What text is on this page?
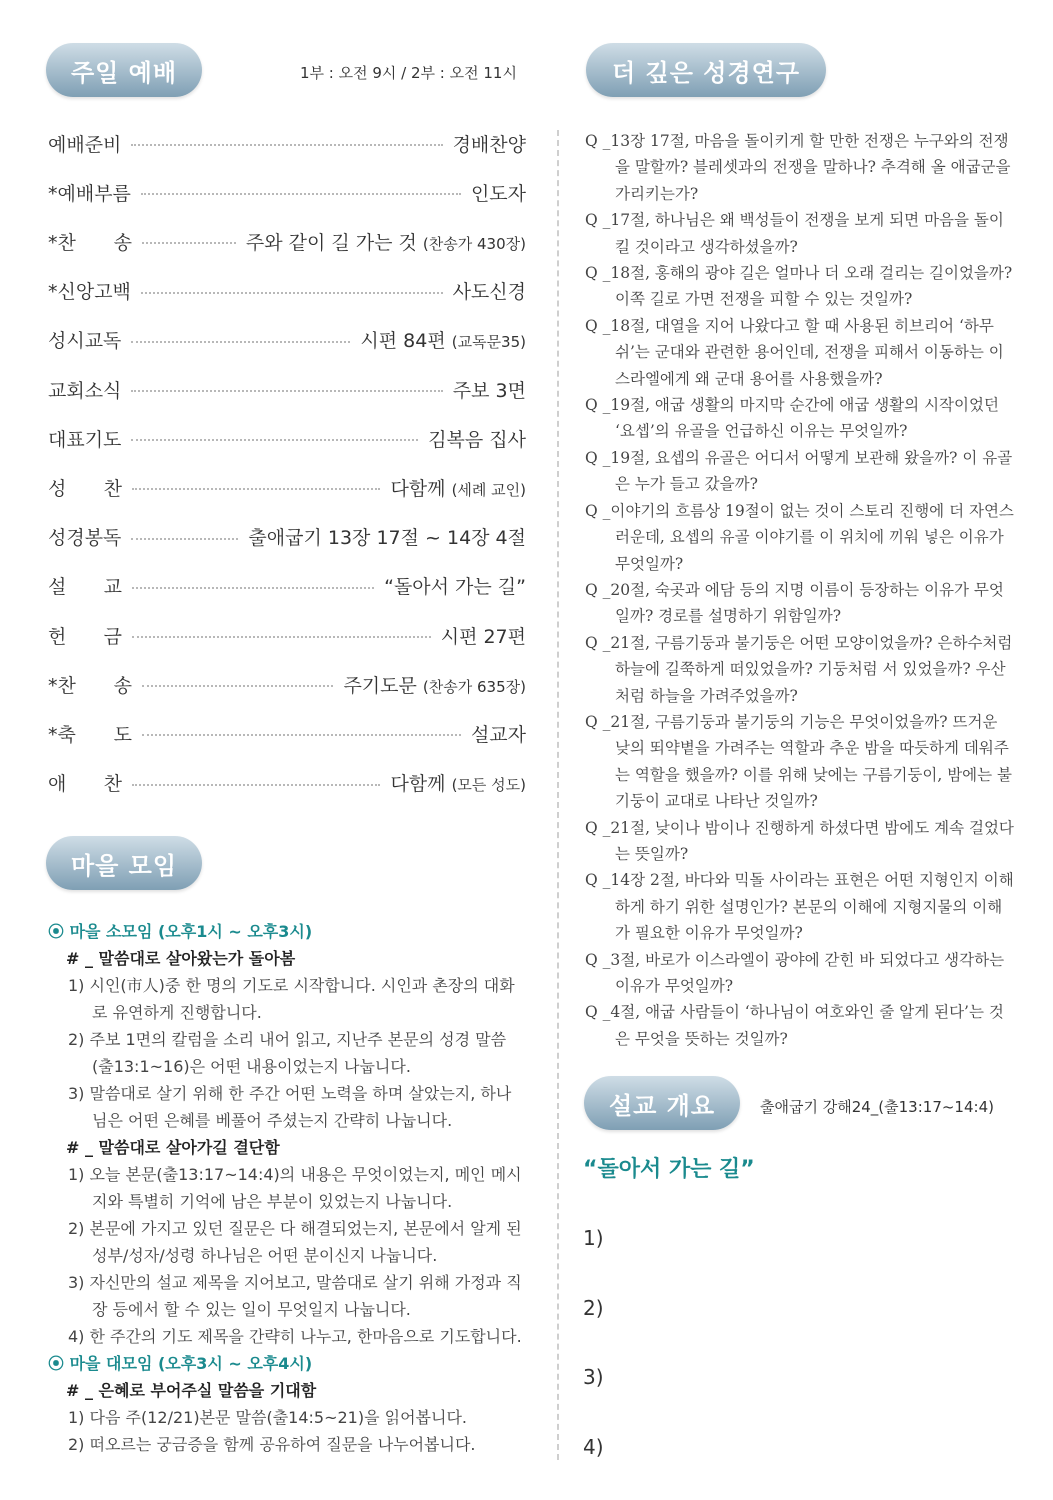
주일 예배	1부 : 오전 9시 / 2부 : 오전 11시
예배준비	경배찬양
*예배부름	인도자
*찬 송	주와 같이 길 가는 것 (찬송가 430장)
*신앙고백	사도신경
성시교독	시편 84편 (교독문35)
교회소식	주보 3면
대표기도	김복음 집사
성 찬	다함께 (세례 교인)
성경봉독	출애굽기 13장 17절 ~ 14장 4절
설 교	“돌아서 가는 길”
헌 금	시편 27편
*찬 송	주기도문 (찬송가 635장)
*축 도	설교자
애 찬	다함께 (모든 성도)
마을 모임
⦿ 마을 소모임 (오후1시 ~ 오후3시)
# _ 말씀대로 살아왔는가 돌아봄
1) 시인(市人)중 한 명의 기도로 시작합니다. 시인과 촌장의 대화로 유연하게 진행합니다.
2) 주보 1면의 칼럼을 소리 내어 읽고, 지난주 본문의 성경 말씀(출13:1~16)은 어떤 내용이었는지 나눕니다.
3) 말씀대로 살기 위해 한 주간 어떤 노력을 하며 살았는지, 하나님은 어떤 은혜를 베풀어 주셨는지 간략히 나눕니다.
# _ 말씀대로 살아가길 결단함
1) 오늘 본문(출13:17~14:4)의 내용은 무엇이었는지, 메인 메시지와 특별히 기억에 남은 부분이 있었는지 나눕니다.
2) 본문에 가지고 있던 질문은 다 해결되었는지, 본문에서 알게 된 성부/성자/성령 하나님은 어떤 분이신지 나눕니다.
3) 자신만의 설교 제목을 지어보고, 말씀대로 살기 위해 가정과 직장 등에서 할 수 있는 일이 무엇일지 나눕니다.
4) 한 주간의 기도 제목을 간략히 나누고, 한마음으로 기도합니다.
⦿ 마을 대모임 (오후3시 ~ 오후4시)
# _ 은혜로 부어주실 말씀을 기대함
1) 다음 주(12/21)본문 말씀(출14:5~21)을 읽어봅니다.
2) 떠오르는 궁금증을 함께 공유하여 질문을 나누어봅니다.
더 깊은 성경연구
Q _13장 17절, 마음을 돌이키게 할 만한 전쟁은 누구와의 전쟁을 말할까? 블레셋과의 전쟁을 말하나? 추격해 올 애굽군을 가리키는가?
Q _17절, 하나님은 왜 백성들이 전쟁을 보게 되면 마음을 돌이킬 것이라고 생각하셨을까?
Q _18절, 홍해의 광야 길은 얼마나 더 오래 걸리는 길이었을까? 이쪽 길로 가면 전쟁을 피할 수 있는 것일까?
Q _18절, 대열을 지어 나왔다고 할 때 사용된 히브리어 ‘하무쉬’는 군대와 관련한 용어인데, 전쟁을 피해서 이동하는 이스라엘에게 왜 군대 용어를 사용했을까?
Q _19절, 애굽 생활의 마지막 순간에 애굽 생활의 시작이었던 ‘요셉’의 유골을 언급하신 이유는 무엇일까?
Q _19절, 요셉의 유골은 어디서 어떻게 보관해 왔을까? 이 유골은 누가 들고 갔을까?
Q _이야기의 흐름상 19절이 없는 것이 스토리 진행에 더 자연스러운데, 요셉의 유골 이야기를 이 위치에 끼워 넣은 이유가 무엇일까?
Q _20절, 숙곳과 에담 등의 지명 이름이 등장하는 이유가 무엇일까? 경로를 설명하기 위함일까?
Q _21절, 구름기둥과 불기둥은 어떤 모양이었을까? 은하수처럼 하늘에 길쭉하게 떠있었을까? 기둥처럼 서 있었을까? 우산처럼 하늘을 가려주었을까?
Q _21절, 구름기둥과 불기둥의 기능은 무엇이었을까? 뜨거운 낮의 뙤약볕을 가려주는 역할과 추운 밤을 따듯하게 데워주는 역할을 했을까? 이를 위해 낮에는 구름기둥이, 밤에는 불기둥이 교대로 나타난 것일까?
Q _21절, 낮이나 밤이나 진행하게 하셨다면 밤에도 계속 걸었다는 뜻일까?
Q _14장 2절, 바다와 믹돌 사이라는 표현은 어떤 지형인지 이해하게 하기 위한 설명인가? 본문의 이해에 지형지물의 이해가 필요한 이유가 무엇일까?
Q _3절, 바로가 이스라엘이 광야에 갇힌 바 되었다고 생각하는 이유가 무엇일까?
Q _4절, 애굽 사람들이 ‘하나님이 여호와인 줄 알게 된다’는 것은 무엇을 뜻하는 것일까?
설교 개요	출애굽기 강해24_(출13:17~14:4)
“돌아서 가는 길”
1)
2)
3)
4)
